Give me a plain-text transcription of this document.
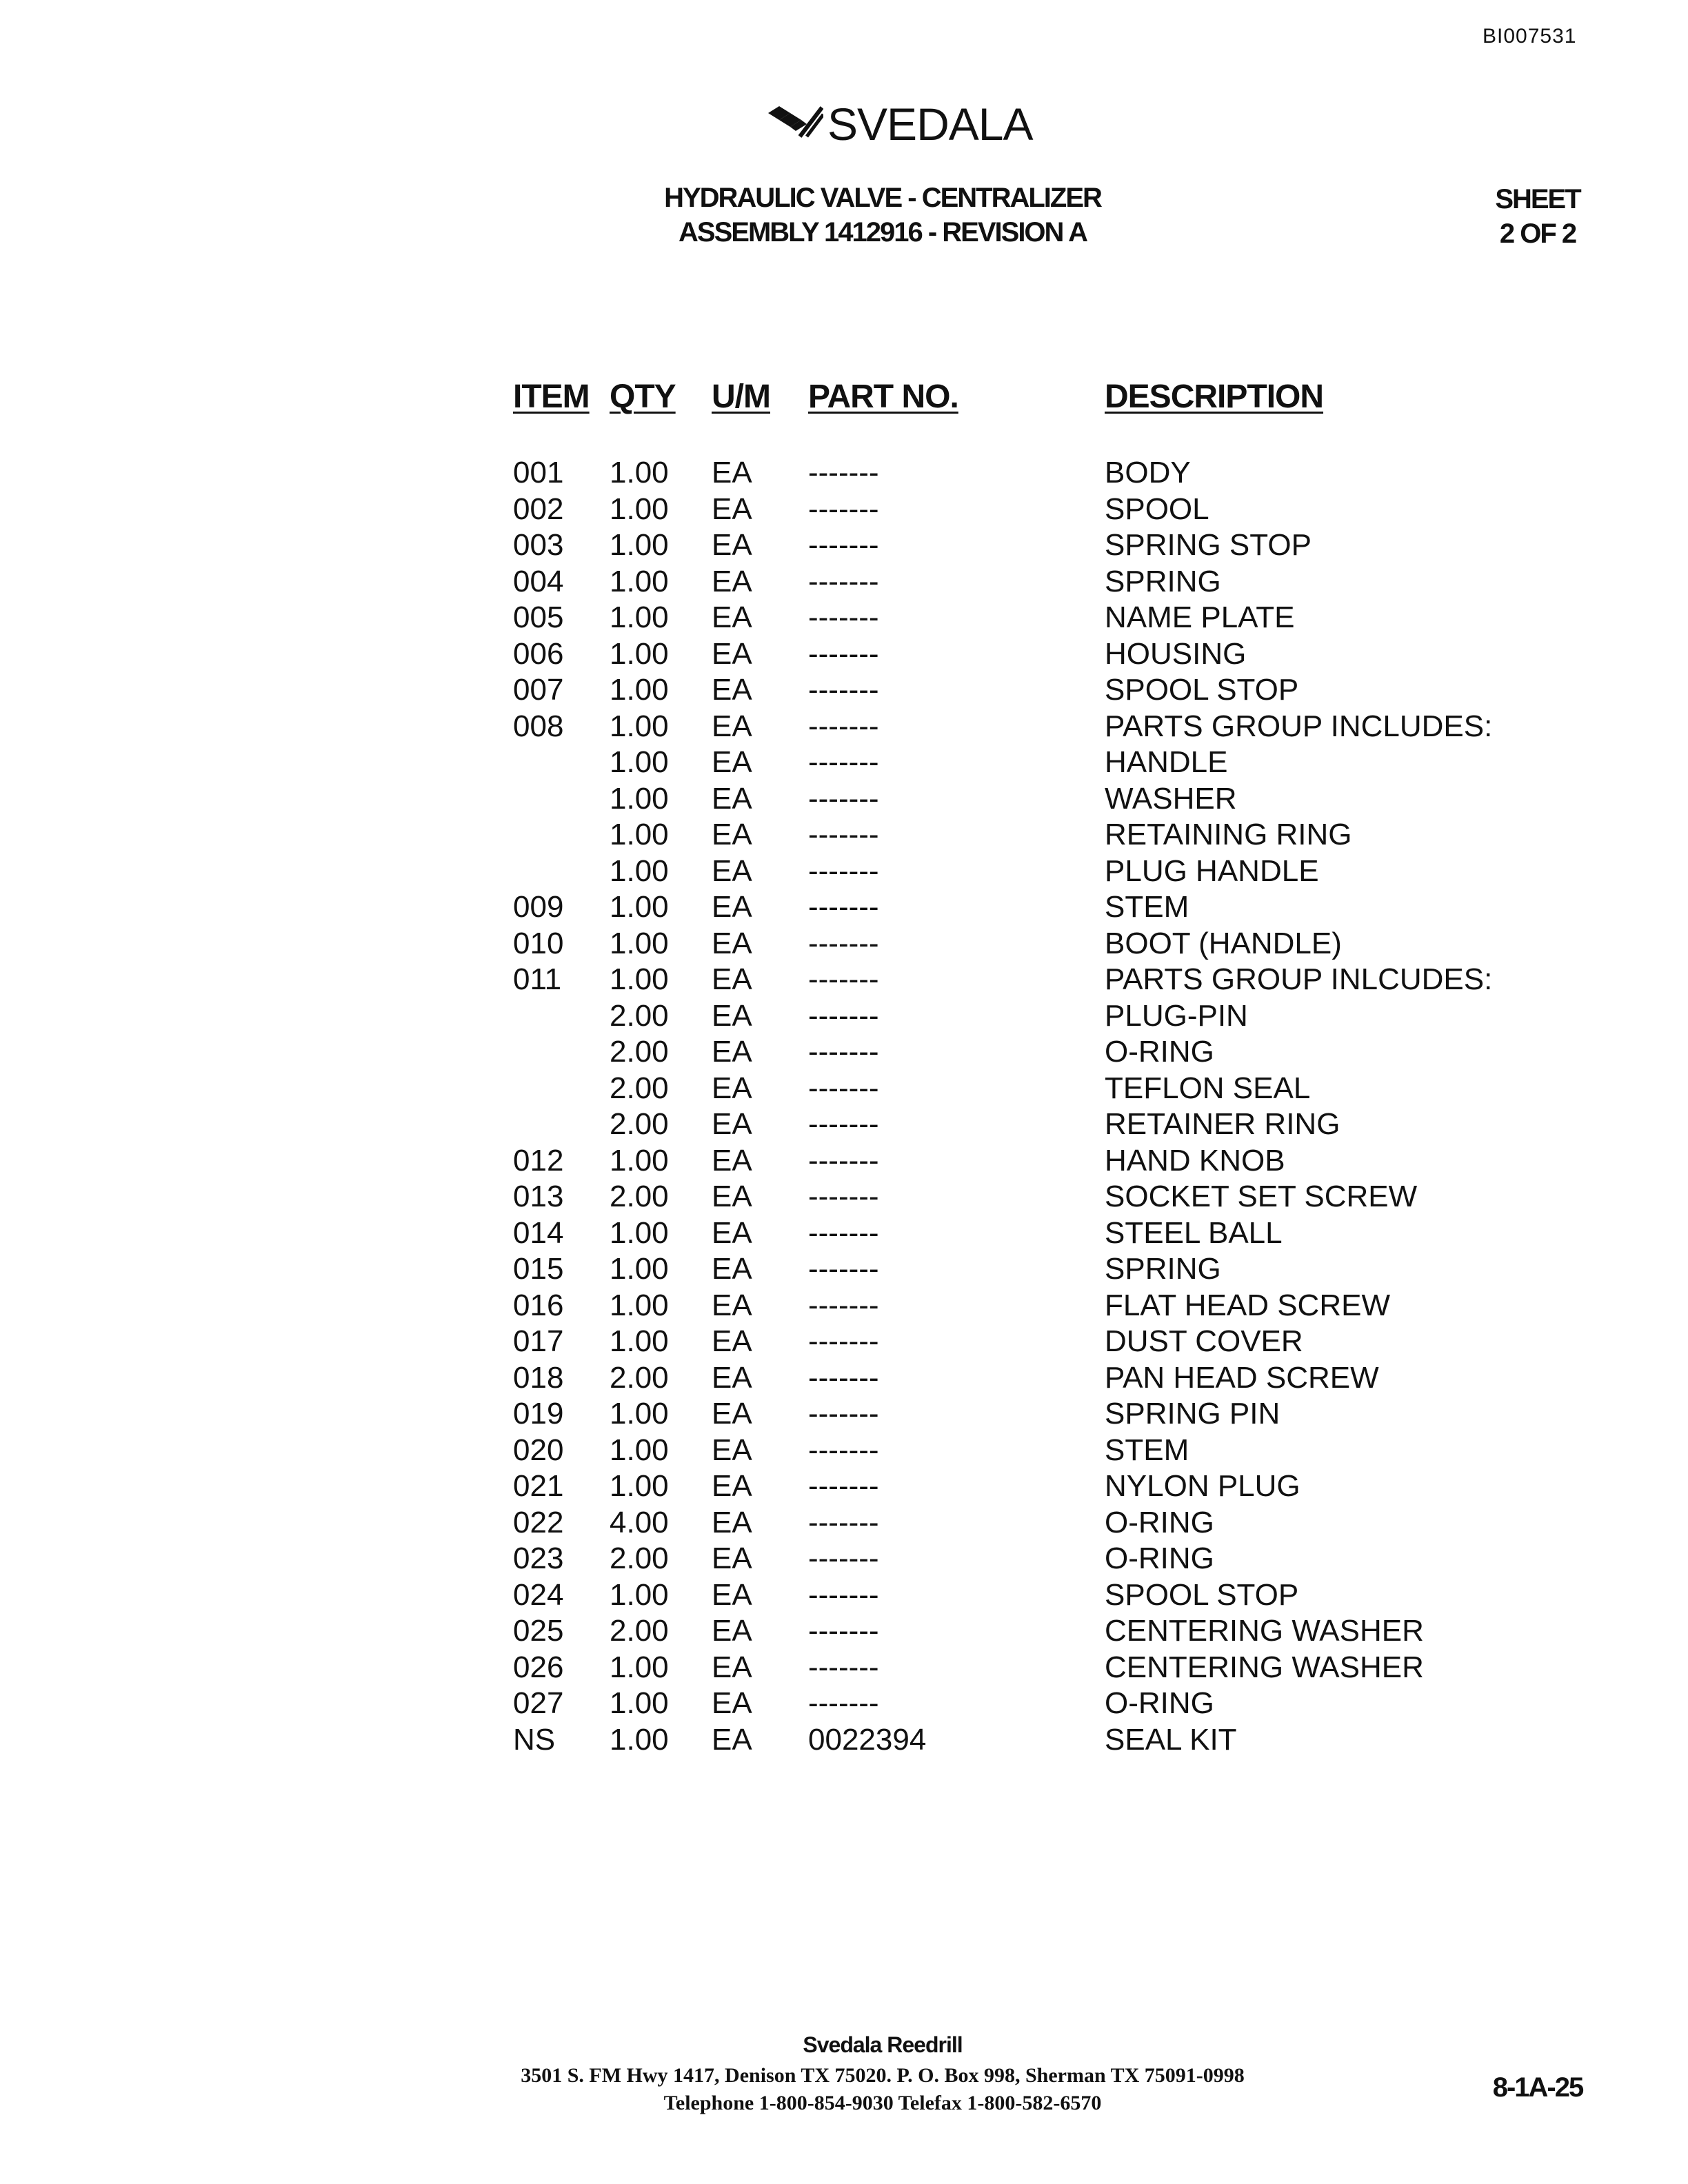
BI007531
SVEDALA
HYDRAULIC VALVE - CENTRALIZER
ASSEMBLY 1412916 - REVISION A
SHEET
2 OF 2
ITEM QTY U/M PART NO.	DESCRIPTION
001 1.00 EA -------	BODY
002 1.00 EA -------	SPOOL
003 1.00 EA -------	SPRING STOP
004 1.00 EA -------	SPRING
005 1.00 EA -------	NAME PLATE
006 1.00 EA -------	HOUSING
007 1.00 EA -------	SPOOL STOP
008 1.00 EA -------	PARTS GROUP INCLUDES:
1.00 EA -------	HANDLE
1.00 EA -------	WASHER
1.00 EA -------	RETAINING RING
1.00 EA -------	PLUG HANDLE
009 1.00 EA -------	STEM
010 1.00 EA -------	BOOT (HANDLE)
011 1.00 EA -------	PARTS GROUP INLCUDES:
2.00 EA -------	PLUG-PIN
2.00 EA -------	O-RING
2.00 EA -------	TEFLON SEAL
2.00 EA -------	RETAINER RING
012 1.00 EA -------	HAND KNOB
013 2.00 EA -------	SOCKET SET SCREW
014 1.00 EA -------	STEEL BALL
015 1.00 EA -------	SPRING
016 1.00 EA -------	FLAT HEAD SCREW
017 1.00 EA -------	DUST COVER
018 2.00 EA -------	PAN HEAD SCREW
019 1.00 EA -------	SPRING PIN
020 1.00 EA -------	STEM
021 1.00 EA -------	NYLON PLUG
022 4.00 EA -------	O-RING
023 2.00 EA -------	O-RING
024 1.00 EA -------	SPOOL STOP
025 2.00 EA -------	CENTERING WASHER
026 1.00 EA -------	CENTERING WASHER
027 1.00 EA -------	O-RING
NS 1.00 EA 0022394	SEAL KIT
Svedala Reedrill
3501 S. FM Hwy 1417, Denison TX 75020. P. O. Box 998, Sherman TX 75091-0998
Telephone 1-800-854-9030 Telefax 1-800-582-6570
8-1A-25
